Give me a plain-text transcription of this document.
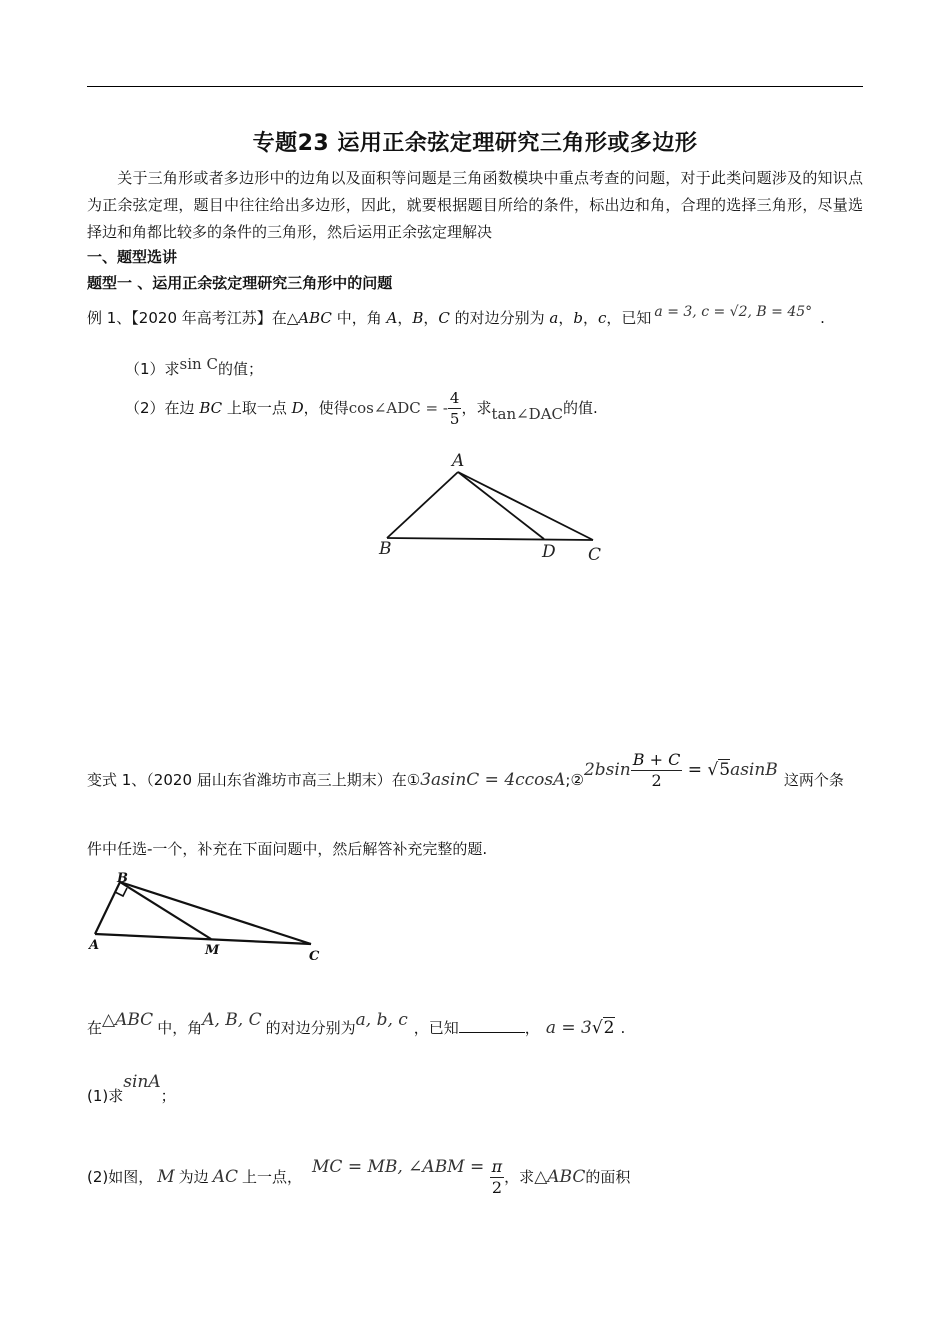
专题23 运用正余弦定理研究三角形或多边形
关于三角形或者多边形中的边角以及面积等问题是三角函数模块中重点考查的问题，对于此类问题涉及的知识点为正余弦定理，题目中往往给出多边形，因此，就要根据题目所给的条件，标出边和角，合理的选择三角形，尽量选择边和角都比较多的条件的三角形，然后运用正余弦定理解决
一、题型选讲
题型一 、运用正余弦定理研究三角形中的问题
例 1、【2020 年高考江苏】在△ABC 中，角 A，B，C 的对边分别为 a，b，c，已知 a = 3, c = √2, B = 45° .
（1）求sin C的值；
（2）在边 BC 上取一点 D，使得cos∠ADC = - $\frac{4}{5}$ ，求tan∠DAC的值.
A
B	D C
变式 1、（2020 届山东省潍坊市高三上期末）在①3asinC = 4ccosA;②2bsin $\frac{B + C}{2} = √5asinB$ 这两个条
件中任选-一个，补充在下面问题中，然后解答补充完整的题.
B
A	M	C
在△ABC 中，角A, B, C 的对边分别为a, b, c ，已知	， a = 3√2 .
(1)求sinA；
(2)如图， M 为边 AC 上一点， MC = MB, ∠ABM = $\frac{\pi}{2}$ ，求△ABC的面积
